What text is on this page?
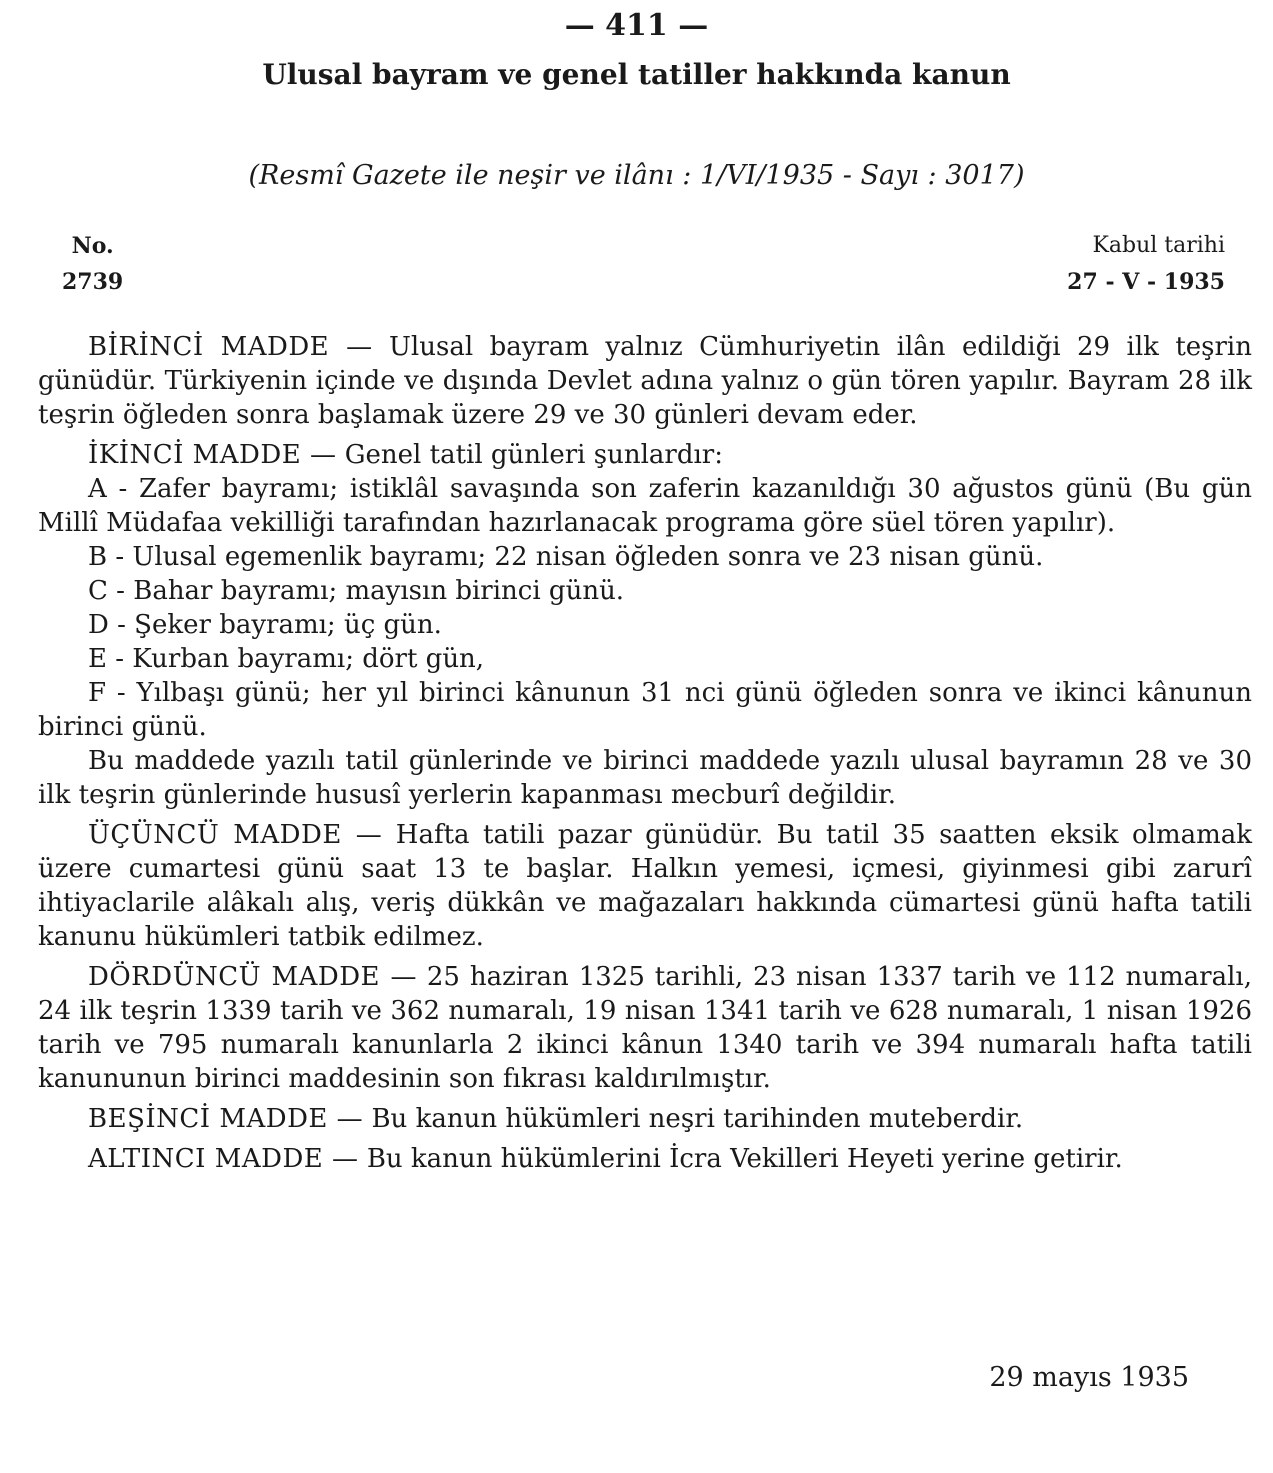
— 411 —
Ulusal bayram ve genel tatiller hakkında kanun
(Resmî Gazete ile neşir ve ilânı : 1/VI/1935 - Sayı : 3017)
No.
2739
Kabul tarihi
27 - V - 1935

BİRİNCİ MADDE — Ulusal bayram yalnız Cümhuriyetin ilân edildiği 29 ilk teşrin günüdür. Türkiyenin içinde ve dışında Devlet adına yalnız o gün tören yapılır. Bayram 28 ilk teşrin öğleden sonra başlamak üzere 29 ve 30 günleri devam eder.

İKİNCİ MADDE — Genel tatil günleri şunlardır:

A - Zafer bayramı; istiklâl savaşında son zaferin kazanıldığı 30 ağustos günü (Bu gün Millî Müdafaa vekilliği tarafından hazırlanacak programa göre süel tören yapılır).

B - Ulusal egemenlik bayramı; 22 nisan öğleden sonra ve 23 nisan günü.

C - Bahar bayramı; mayısın birinci günü.

D - Şeker bayramı; üç gün.

E - Kurban bayramı; dört gün,

F - Yılbaşı günü; her yıl birinci kânunun 31 nci günü öğleden sonra ve ikinci kânunun birinci günü.

Bu maddede yazılı tatil günlerinde ve birinci maddede yazılı ulusal bayramın 28 ve 30 ilk teşrin günlerinde hususî yerlerin kapanması mecburî değildir.

ÜÇÜNCÜ MADDE — Hafta tatili pazar günüdür. Bu tatil 35 saatten eksik olmamak üzere cumartesi günü saat 13 te başlar. Halkın yemesi, içmesi, giyinmesi gibi zarurî ihtiyaclarile alâkalı alış, veriş dükkân ve mağazaları hakkında cümartesi günü hafta tatili kanunu hükümleri tatbik edilmez.

DÖRDÜNCÜ MADDE — 25 haziran 1325 tarihli, 23 nisan 1337 tarih ve 112 numaralı, 24 ilk teşrin 1339 tarih ve 362 numaralı, 19 nisan 1341 tarih ve 628 numaralı, 1 nisan 1926 tarih ve 795 numaralı kanunlarla 2 ikinci kânun 1340 tarih ve 394 numaralı hafta tatili kanununun birinci maddesinin son fıkrası kaldırılmıştır.

BEŞİNCİ MADDE — Bu kanun hükümleri neşri tarihinden muteberdir.

ALTINCI MADDE — Bu kanun hükümlerini İcra Vekilleri Heyeti yerine getirir.

29 mayıs 1935
